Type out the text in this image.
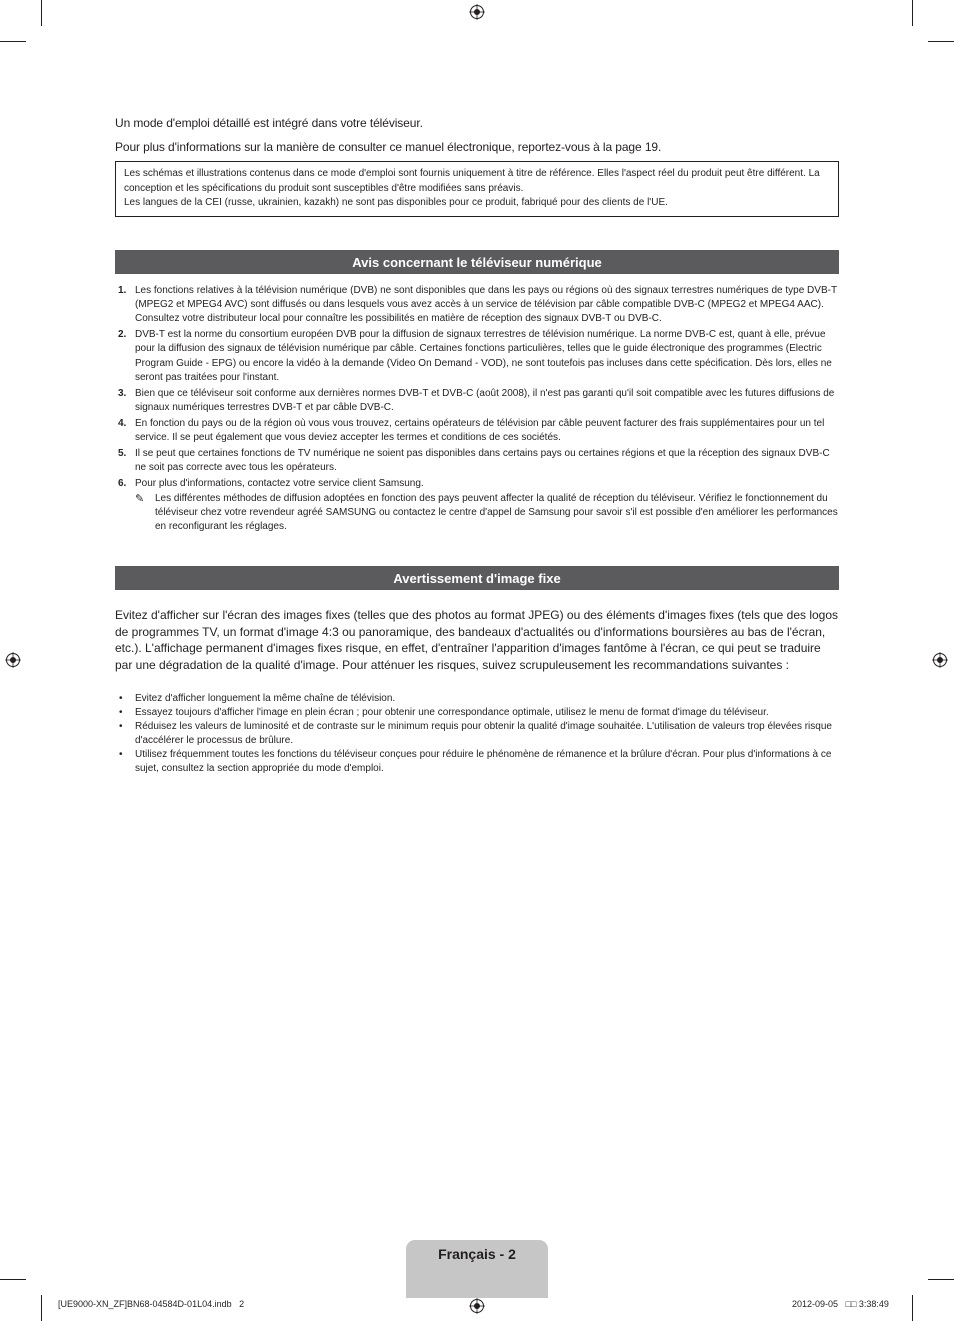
Un mode d'emploi détaillé est intégré dans votre téléviseur.
Pour plus d'informations sur la manière de consulter ce manuel électronique, reportez-vous à la page 19.

Les schémas et illustrations contenus dans ce mode d'emploi sont fournis uniquement à titre de référence. Elles l'aspect réel du produit peut être différent. La conception et les spécifications du produit sont susceptibles d'être modifiées sans préavis.

Les langues de la CEI (russe, ukrainien, kazakh) ne sont pas disponibles pour ce produit, fabriqué pour des clients de l'UE.

Avis concernant le téléviseur numérique
1. Les fonctions relatives à la télévision numérique (DVB) ne sont disponibles que dans les pays ou régions où des signaux terrestres numériques de type DVB-T (MPEG2 et MPEG4 AVC) sont diffusés ou dans lesquels vous avez accès à un service de télévision par câble compatible DVB-C (MPEG2 et MPEG4 AAC). Consultez votre distributeur local pour connaître les possibilités en matière de réception des signaux DVB-T ou DVB-C.
2. DVB-T est la norme du consortium européen DVB pour la diffusion de signaux terrestres de télévision numérique. La norme DVB-C est, quant à elle, prévue pour la diffusion des signaux de télévision numérique par câble. Certaines fonctions particulières, telles que le guide électronique des programmes (Electric Program Guide - EPG) ou encore la vidéo à la demande (Video On Demand - VOD), ne sont toutefois pas incluses dans cette spécification. Dès lors, elles ne seront pas traitées pour l'instant.
3. Bien que ce téléviseur soit conforme aux dernières normes DVB-T et DVB-C (août 2008), il n'est pas garanti qu'il soit compatible avec les futures diffusions de signaux numériques terrestres DVB-T et par câble DVB-C.
4. En fonction du pays ou de la région où vous vous trouvez, certains opérateurs de télévision par câble peuvent facturer des frais supplémentaires pour un tel service. Il se peut également que vous deviez accepter les termes et conditions de ces sociétés.
5. Il se peut que certaines fonctions de TV numérique ne soient pas disponibles dans certains pays ou certaines régions et que la réception des signaux DVB-C ne soit pas correcte avec tous les opérateurs.
6. Pour plus d'informations, contactez votre service client Samsung.
✎ Les différentes méthodes de diffusion adoptées en fonction des pays peuvent affecter la qualité de réception du téléviseur. Vérifiez le fonctionnement du téléviseur chez votre revendeur agréé SAMSUNG ou contactez le centre d'appel de Samsung pour savoir s'il est possible d'en améliorer les performances en reconfigurant les réglages.
Avertissement d'image fixe

Evitez d'afficher sur l'écran des images fixes (telles que des photos au format JPEG) ou des éléments d'images fixes (tels que des logos de programmes TV, un format d'image 4:3 ou panoramique, des bandeaux d'actualités ou d'informations boursières au bas de l'écran, etc.). L'affichage permanent d'images fixes risque, en effet, d'entraîner l'apparition d'images fantôme à l'écran, ce qui peut se traduire par une dégradation de la qualité d'image. Pour atténuer les risques, suivez scrupuleusement les recommandations suivantes :

• Evitez d'afficher longuement la même chaîne de télévision.
• Essayez toujours d'afficher l'image en plein écran ; pour obtenir une correspondance optimale, utilisez le menu de format d'image du téléviseur.
• Réduisez les valeurs de luminosité et de contraste sur le minimum requis pour obtenir la qualité d'image souhaitée. L'utilisation de valeurs trop élevées risque d'accélérer le processus de brûlure.
• Utilisez fréquemment toutes les fonctions du téléviseur conçues pour réduire le phénomène de rémanence et la brûlure d'écran. Pour plus d'informations à ce sujet, consultez la section appropriée du mode d'emploi.
Français - 2
[UE9000-XN_ZF]BN68-04584D-01L04.indb   2	2012-09-05   □□ 3:38:49
